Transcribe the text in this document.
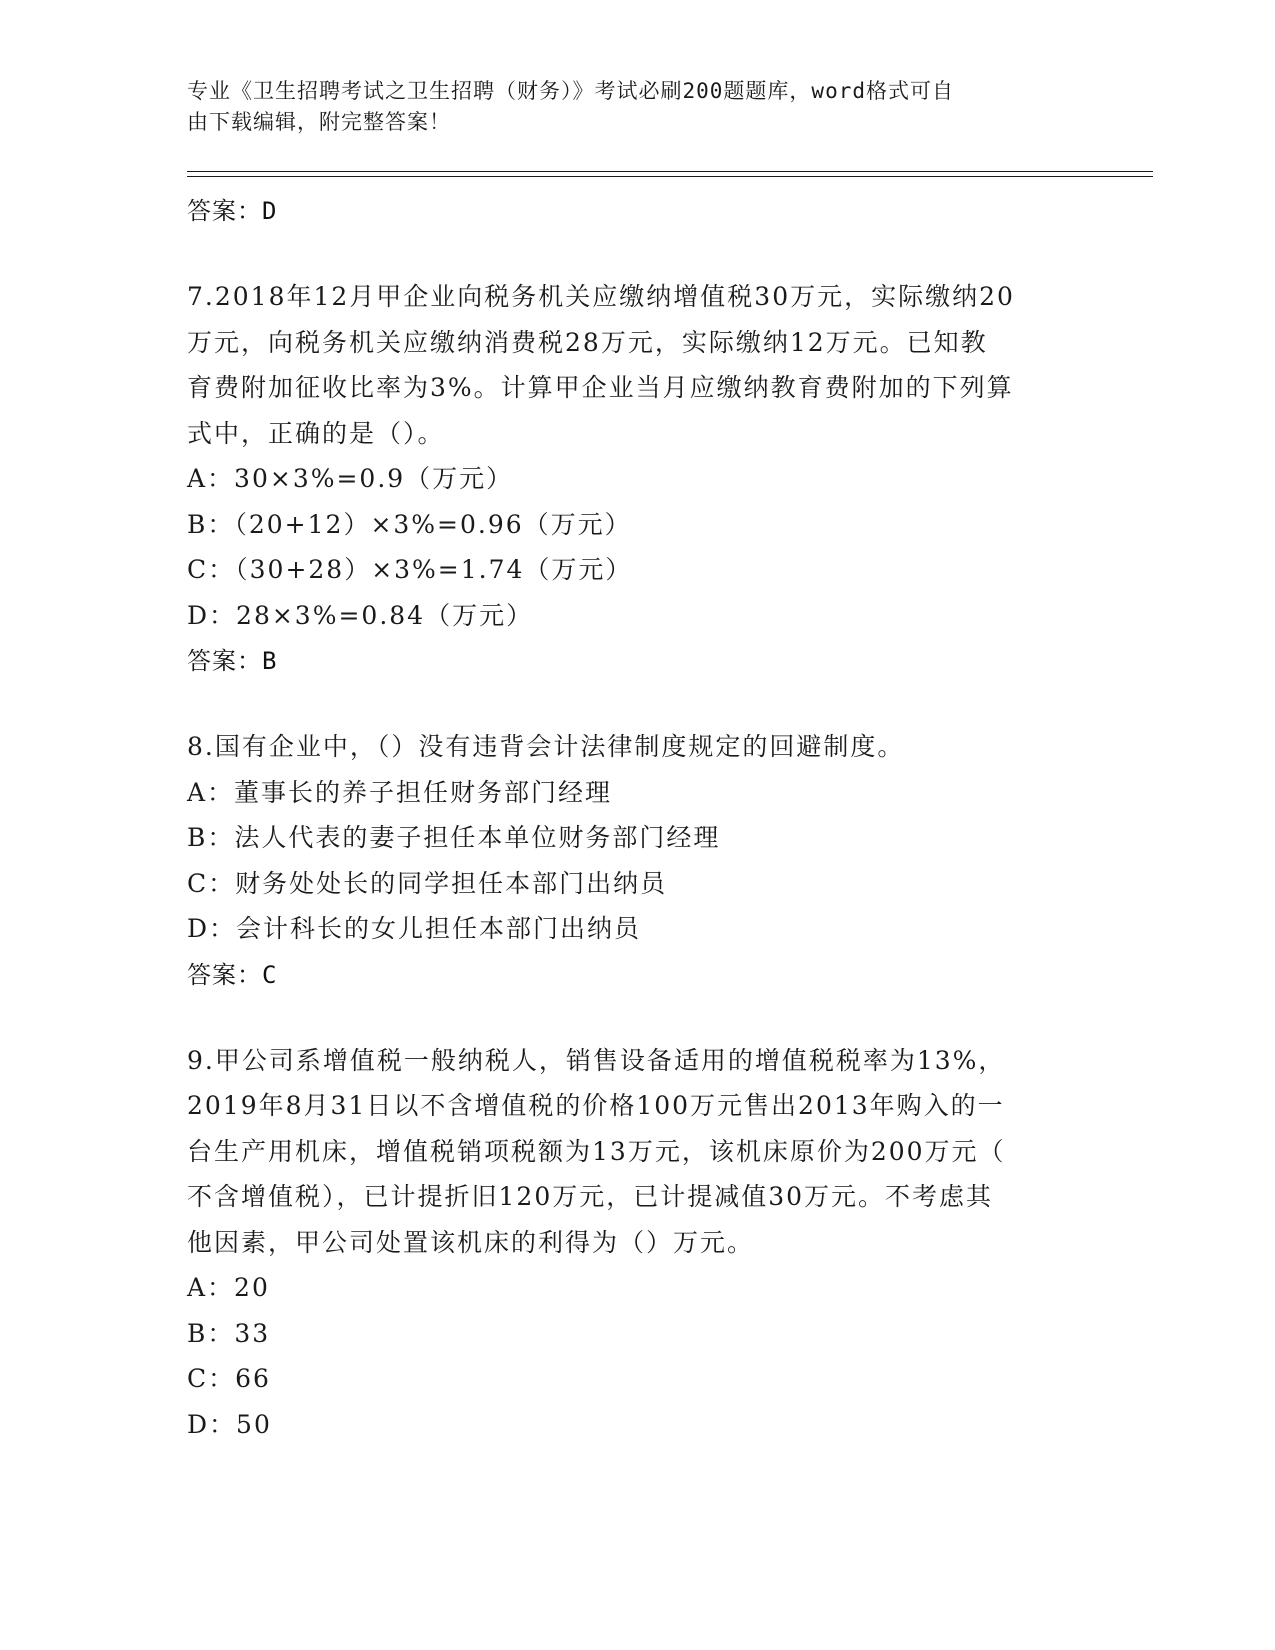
专业《卫生招聘考试之卫生招聘（财务）》考试必刷200题题库，word格式可自
由下载编辑，附完整答案！
答案：D
7.2018年12月甲企业向税务机关应缴纳增值税30万元，实际缴纳20
万元，向税务机关应缴纳消费税28万元，实际缴纳12万元。已知教
育费附加征收比率为3%。计算甲企业当月应缴纳教育费附加的下列算
式中，正确的是（）。
A：30×3%=0.9（万元）
B：（20+12）×3%=0.96（万元）
C：（30+28）×3%=1.74（万元）
D：28×3%=0.84（万元）
答案：B
8.国有企业中，（）没有违背会计法律制度规定的回避制度。
A：董事长的养子担任财务部门经理
B：法人代表的妻子担任本单位财务部门经理
C：财务处处长的同学担任本部门出纳员
D：会计科长的女儿担任本部门出纳员
答案：C
9.甲公司系增值税一般纳税人，销售设备适用的增值税税率为13%，
2019年8月31日以不含增值税的价格100万元售出2013年购入的一
台生产用机床，增值税销项税额为13万元，该机床原价为200万元（
不含增值税），已计提折旧120万元，已计提减值30万元。不考虑其
他因素，甲公司处置该机床的利得为（）万元。
A：20
B：33
C：66
D：50
